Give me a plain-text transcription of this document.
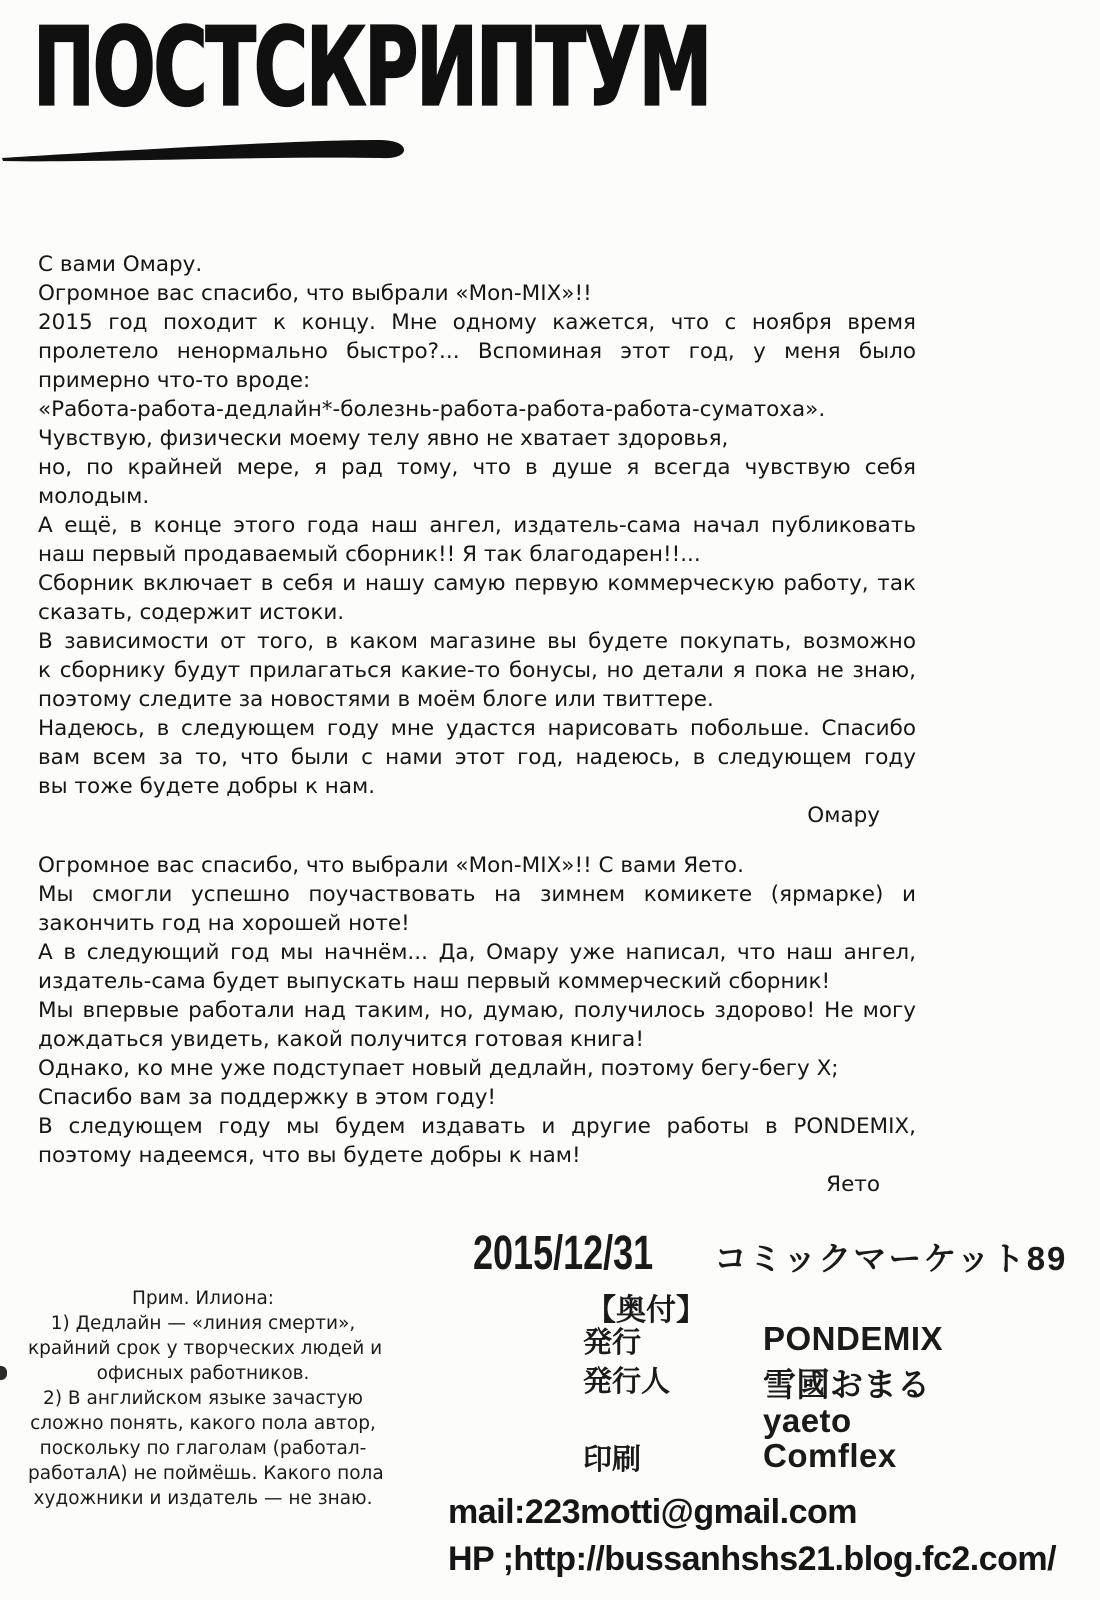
ПОСТСКРИПТУМ
С вами Омару.
Огромное вас спасибо, что выбрали «Mon-MIX»!!
2015 год походит к концу. Мне одному кажется, что с ноября время
пролетело ненормально быстро?... Вспоминая этот год, у меня было
примерно что-то вроде:
«Работа-работа-дедлайн*-болезнь-работа-работа-работа-суматоха».
Чувствую, физически моему телу явно не хватает здоровья,
но, по крайней мере, я рад тому, что в душе я всегда чувствую себя
молодым.
А ещё, в конце этого года наш ангел, издатель-сама начал публиковать
наш первый продаваемый сборник!! Я так благодарен!!...
Сборник включает в себя и нашу самую первую коммерческую работу, так
сказать, содержит истоки.
В зависимости от того, в каком магазине вы будете покупать, возможно
к сборнику будут прилагаться какие-то бонусы, но детали я пока не знаю,
поэтому следите за новостями в моём блоге или твиттере.
Надеюсь, в следующем году мне удастся нарисовать побольше. Спасибо
вам всем за то, что были с нами этот год, надеюсь, в следующем году
вы тоже будете добры к нам.
Омару
Огромное вас спасибо, что выбрали «Mon-MIX»!! С вами Яето.
Мы смогли успешно поучаствовать на зимнем комикете (ярмарке) и
закончить год на хорошей ноте!
А в следующий год мы начнём... Да, Омару уже написал, что наш ангел,
издатель-сама будет выпускать наш первый коммерческий сборник!
Мы впервые работали над таким, но, думаю, получилось здорово! Не могу
дождаться увидеть, какой получится готовая книга!
Однако, ко мне уже подступает новый дедлайн, поэтому бегу-бегу Х;
Спасибо вам за поддержку в этом году!
В следующем году мы будем издавать и другие работы в PONDEMIX,
поэтому надеемся, что вы будете добры к нам!
Яето
2015/12/31 コミックマーケット89
【奥付】
発行	PONDEMIX
発行人	雪國おまる
yaeto
印刷	Comflex
mail:223motti@gmail.com
HP ;http://bussanhshs21.blog.fc2.com/
Прим. Илиона:
1) Дедлайн — «линия смерти»,
крайний срок у творческих людей и
офисных работников.
2) В английском языке зачастую
сложно понять, какого пола автор,
поскольку по глаголам (работал-
работалА) не поймёшь. Какого пола
художники и издатель — не знаю.
